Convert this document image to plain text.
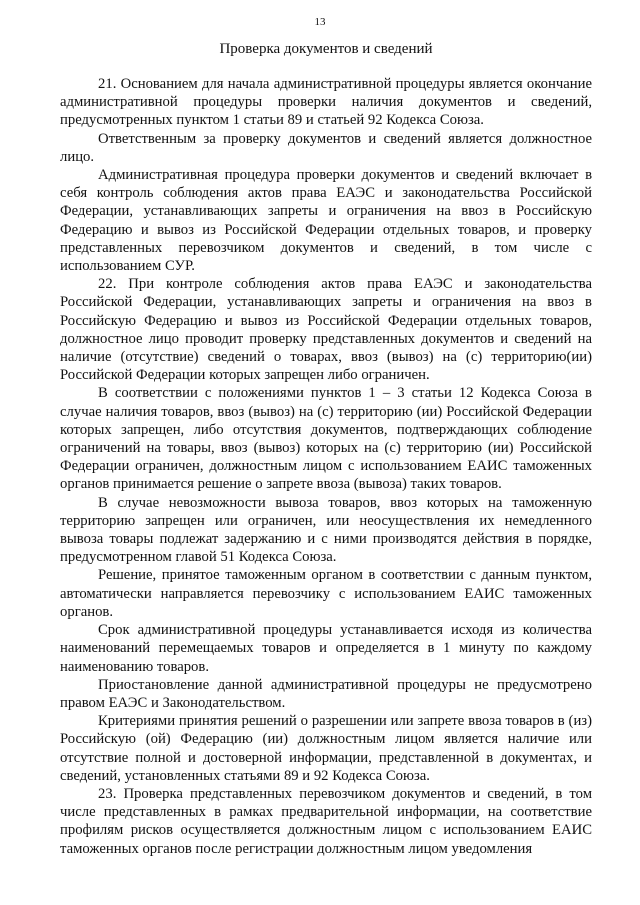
13
Проверка документов и сведений

21. Основанием для начала административной процедуры является окончание административной процедуры проверки наличия документов и сведений, предусмотренных пунктом 1 статьи 89 и статьей 92 Кодекса Союза.

Ответственным за проверку документов и сведений является должностное лицо.

Административная процедура проверки документов и сведений включает в себя контроль соблюдения актов права ЕАЭС и законодательства Российской Федерации, устанавливающих запреты и ограничения на ввоз в Российскую Федерацию и вывоз из Российской Федерации отдельных товаров, и проверку представленных перевозчиком документов и сведений, в том числе с использованием СУР.

22. При контроле соблюдения актов права ЕАЭС и законодательства Российской Федерации, устанавливающих запреты и ограничения на ввоз в Российскую Федерацию и вывоз из Российской Федерации отдельных товаров, должностное лицо проводит проверку представленных документов и сведений на наличие (отсутствие) сведений о товарах, ввоз (вывоз) на (с) территорию(ии) Российской Федерации которых запрещен либо ограничен.

В соответствии с положениями пунктов 1 – 3 статьи 12 Кодекса Союза в случае наличия товаров, ввоз (вывоз) на (с) территорию (ии) Российской Федерации которых запрещен, либо отсутствия документов, подтверждающих соблюдение ограничений на товары, ввоз (вывоз) которых на (с) территорию (ии) Российской Федерации ограничен, должностным лицом с использованием ЕАИС таможенных органов принимается решение о запрете ввоза (вывоза) таких товаров.

В случае невозможности вывоза товаров, ввоз которых на таможенную территорию запрещен или ограничен, или неосуществления их немедленного вывоза товары подлежат задержанию и с ними производятся действия в порядке, предусмотренном главой 51 Кодекса Союза.

Решение, принятое таможенным органом в соответствии с данным пунктом, автоматически направляется перевозчику с использованием ЕАИС таможенных органов.

Срок административной процедуры устанавливается исходя из количества наименований перемещаемых товаров и определяется в 1 минуту по каждому наименованию товаров.

Приостановление данной административной процедуры не предусмотрено правом ЕАЭС и Законодательством.

Критериями принятия решений о разрешении или запрете ввоза товаров в (из) Российскую (ой) Федерацию (ии) должностным лицом является наличие или отсутствие полной и достоверной информации, представленной в документах, и сведений, установленных статьями 89 и 92 Кодекса Союза.

23. Проверка представленных перевозчиком документов и сведений, в том числе представленных в рамках предварительной информации, на соответствие профилям рисков осуществляется должностным лицом с использованием ЕАИС таможенных органов после регистрации должностным лицом уведомления
